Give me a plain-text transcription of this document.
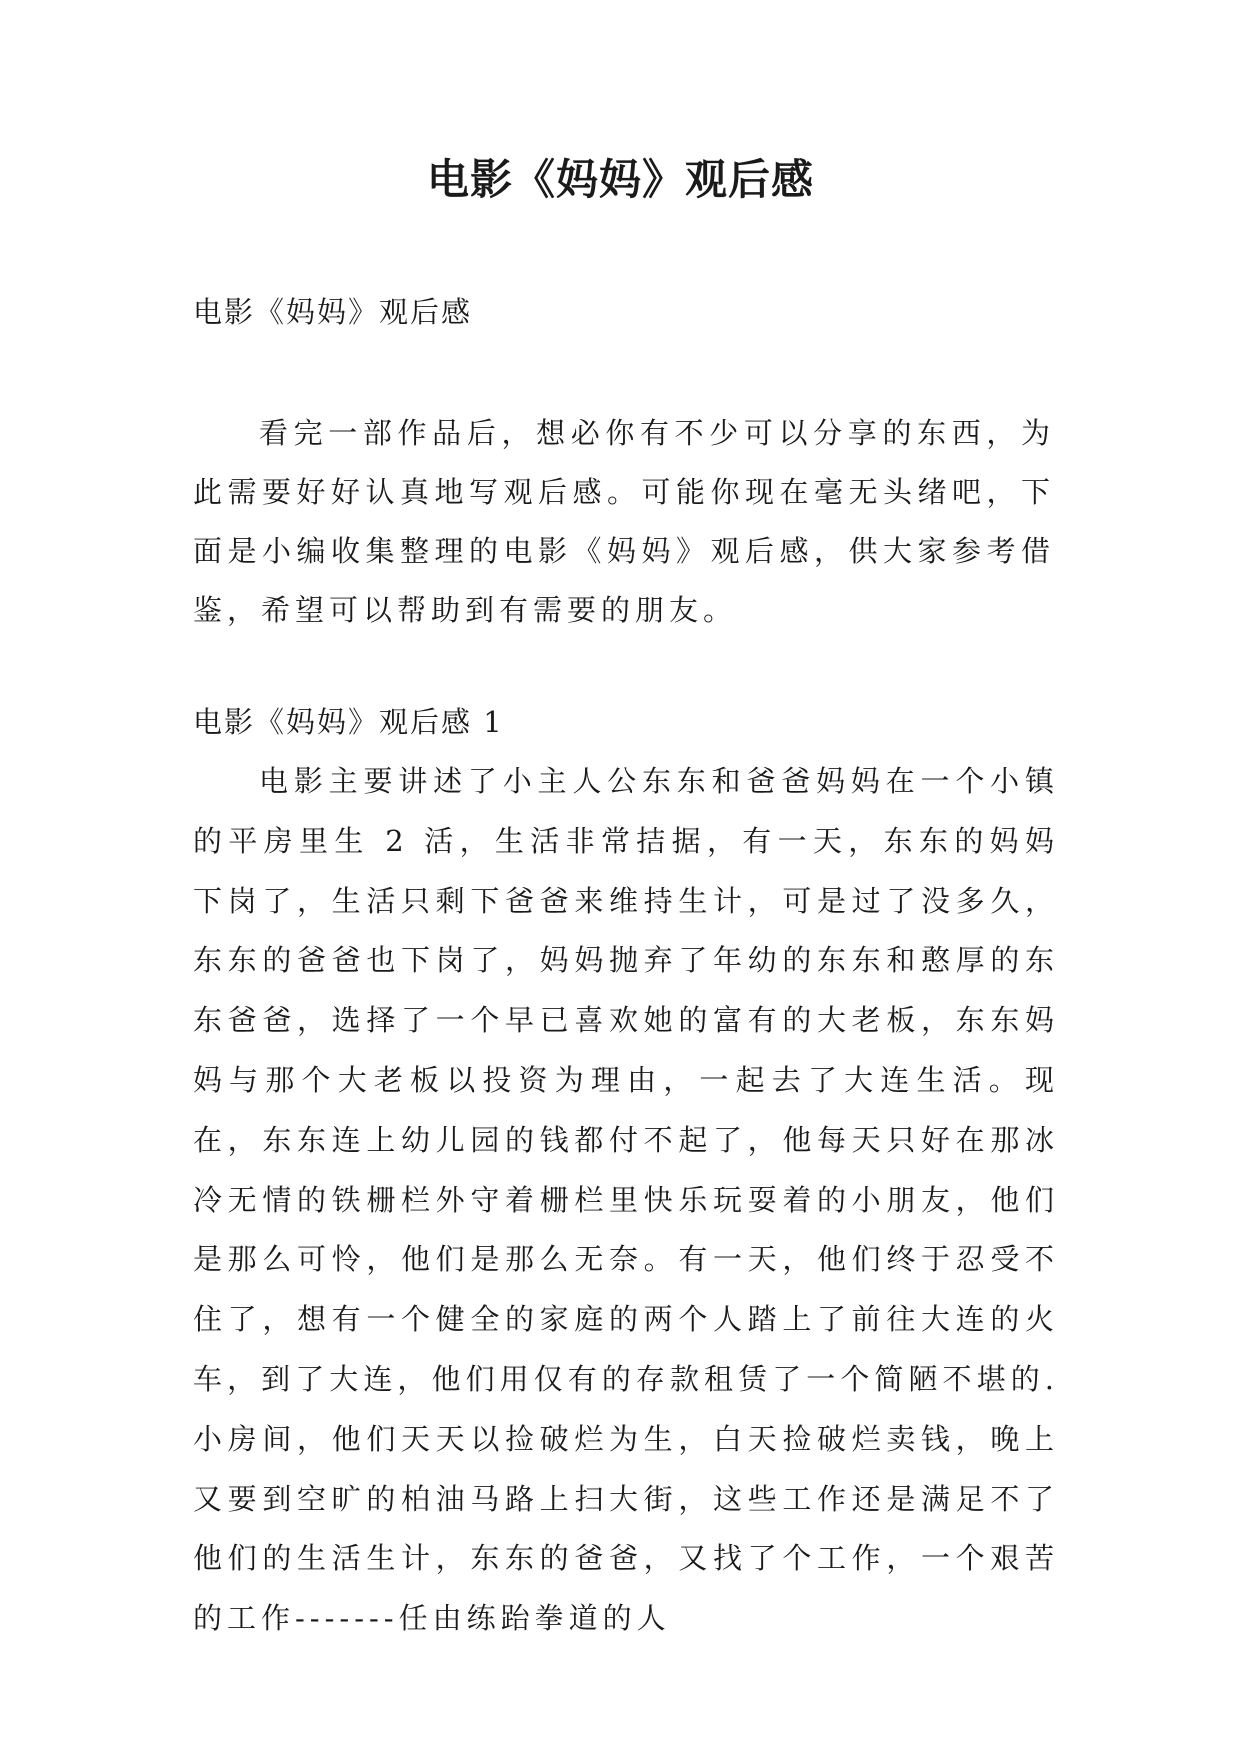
电影《妈妈》观后感

电影《妈妈》观后感

看完一部作品后，想必你有不少可以分享的东西，为此需要好好认真地写观后感。可能你现在毫无头绪吧，下面是小编收集整理的电影《妈妈》观后感，供大家参考借鉴，希望可以帮助到有需要的朋友。

电影《妈妈》观后感 1

电影主要讲述了小主人公东东和爸爸妈妈在一个小镇的平房里生 2 活，生活非常拮据，有一天，东东的妈妈下岗了，生活只剩下爸爸来维持生计，可是过了没多久，东东的爸爸也下岗了，妈妈抛弃了年幼的东东和憨厚的东东爸爸，选择了一个早已喜欢她的富有的大老板，东东妈妈与那个大老板以投资为理由，一起去了大连生活。现在，东东连上幼儿园的钱都付不起了，他每天只好在那冰冷无情的铁栅栏外守着栅栏里快乐玩耍着的小朋友，他们是那么可怜，他们是那么无奈。有一天，他们终于忍受不住了，想有一个健全的家庭的两个人踏上了前往大连的火车，到了大连，他们用仅有的存款租赁了一个简陋不堪的.小房间，他们天天以捡破烂为生，白天捡破烂卖钱，晚上又要到空旷的柏油马路上扫大街，这些工作还是满足不了他们的生活生计，东东的爸爸，又找了个工作，一个艰苦的工作-------任由练跆拳道的人
